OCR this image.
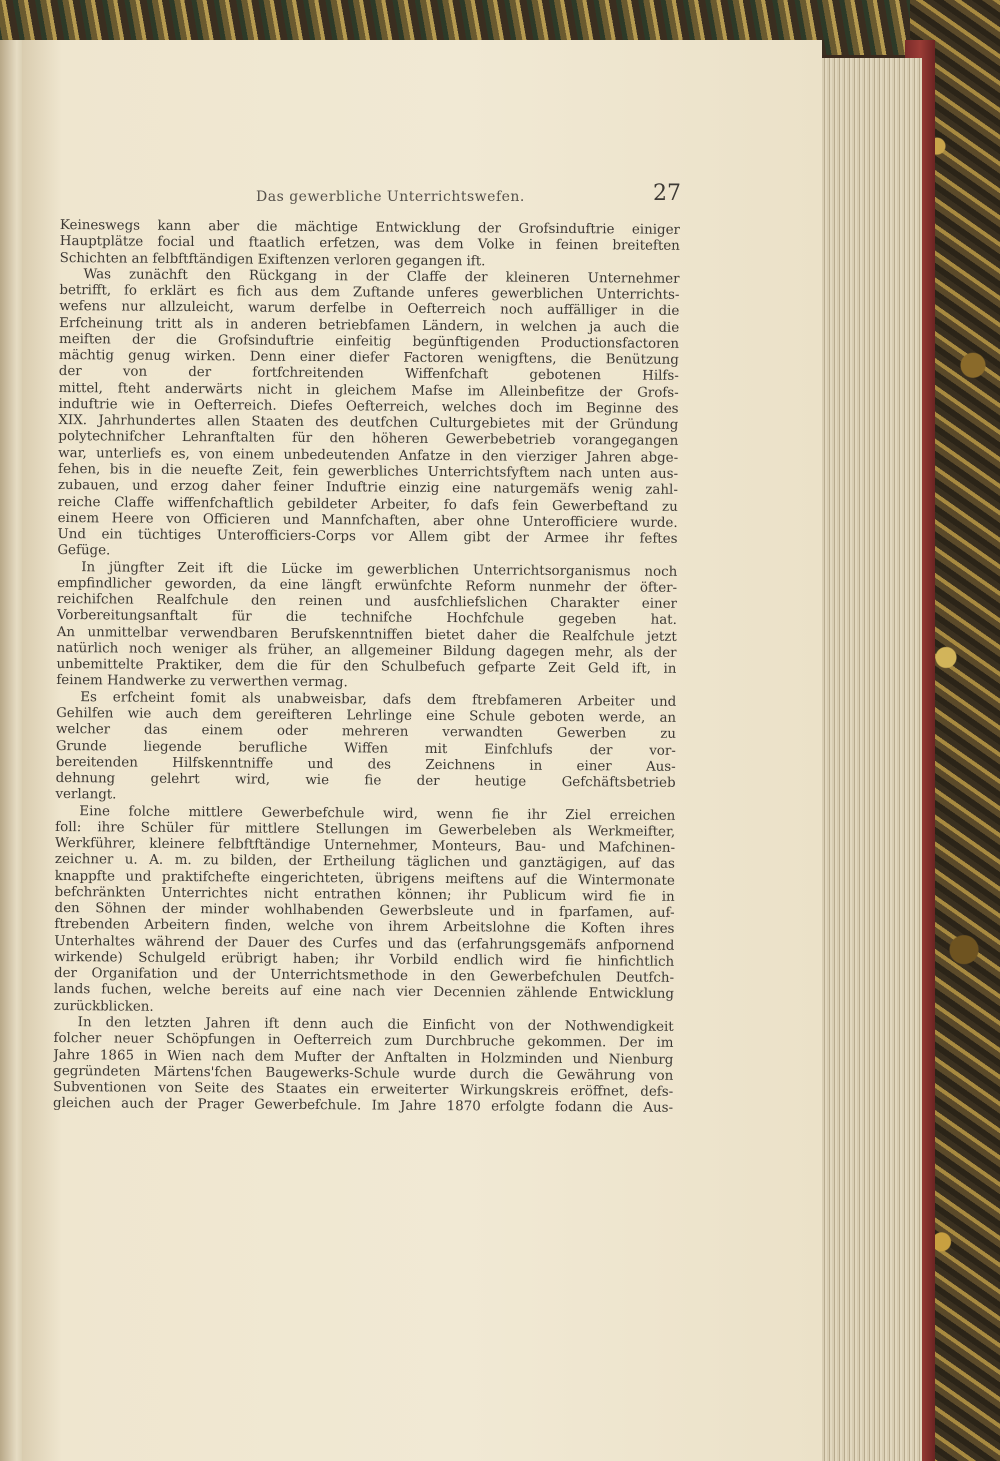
Das gewerbliche Unterrichtswefen.	27
Keineswegs kann aber die mächtige Entwicklung der Grofsinduftrie einiger
Hauptplätze focial und ftaatlich erfetzen, was dem Volke in feinen breiteften
Schichten an felbftftändigen Exiftenzen verloren gegangen ift.
Was zunächft den Rückgang in der Claffe der kleineren Unternehmer
betrifft, fo erklärt es fich aus dem Zuftande unferes gewerblichen Unterrichts-
wefens nur allzuleicht, warum derfelbe in Oefterreich noch auffälliger in die
Erfcheinung tritt als in anderen betriebfamen Ländern, in welchen ja auch die
meiften der die Grofsinduftrie einfeitig begünftigenden Productionsfactoren
mächtig genug wirken. Denn einer diefer Factoren wenigftens, die Benützung
der von der fortfchreitenden Wiffenfchaft gebotenen Hilfs-
mittel, fteht anderwärts nicht in gleichem Mafse im Alleinbefitze der Grofs-
induftrie wie in Oefterreich. Diefes Oefterreich, welches doch im Beginne des
XIX. Jahrhundertes allen Staaten des deutfchen Culturgebietes mit der Gründung
polytechnifcher Lehranftalten für den höheren Gewerbebetrieb vorangegangen
war, unterliefs es, von einem unbedeutenden Anfatze in den vierziger Jahren abge-
fehen, bis in die neuefte Zeit, fein gewerbliches Unterrichtsfyftem nach unten aus-
zubauen, und erzog daher feiner Induftrie einzig eine naturgemäfs wenig zahl-
reiche Claffe wiffenfchaftlich gebildeter Arbeiter, fo dafs fein Gewerbeftand zu
einem Heere von Officieren und Mannfchaften, aber ohne Unterofficiere wurde.
Und ein tüchtiges Unterofficiers-Corps vor Allem gibt der Armee ihr feftes
Gefüge.
In jüngfter Zeit ift die Lücke im gewerblichen Unterrichtsorganismus noch
empfindlicher geworden, da eine längft erwünfchte Reform nunmehr der öfter-
reichifchen Realfchule den reinen und ausfchliefslichen Charakter einer
Vorbereitungsanftalt für die technifche Hochfchule gegeben hat.
An unmittelbar verwendbaren Berufskenntniffen bietet daher die Realfchule jetzt
natürlich noch weniger als früher, an allgemeiner Bildung dagegen mehr, als der
unbemittelte Praktiker, dem die für den Schulbefuch gefparte Zeit Geld ift, in
feinem Handwerke zu verwerthen vermag.
Es erfcheint fomit als unabweisbar, dafs dem ftrebfameren Arbeiter und
Gehilfen wie auch dem gereifteren Lehrlinge eine Schule geboten werde, an
welcher das einem oder mehreren verwandten Gewerben zu
Grunde liegende berufliche Wiffen mit Einfchlufs der vor-
bereitenden Hilfskenntniffe und des Zeichnens in einer Aus-
dehnung gelehrt wird, wie fie der heutige Gefchäftsbetrieb
verlangt.
Eine folche mittlere Gewerbefchule wird, wenn fie ihr Ziel erreichen
foll: ihre Schüler für mittlere Stellungen im Gewerbeleben als Werkmeifter,
Werkführer, kleinere felbftftändige Unternehmer, Monteurs, Bau- und Mafchinen-
zeichner u. A. m. zu bilden, der Ertheilung täglichen und ganztägigen, auf das
knappfte und praktifchefte eingerichteten, übrigens meiftens auf die Wintermonate
befchränkten Unterrichtes nicht entrathen können; ihr Publicum wird fie in
den Söhnen der minder wohlhabenden Gewerbsleute und in fparfamen, auf-
ftrebenden Arbeitern finden, welche von ihrem Arbeitslohne die Koften ihres
Unterhaltes während der Dauer des Curfes und das (erfahrungsgemäfs anfpornend
wirkende) Schulgeld erübrigt haben; ihr Vorbild endlich wird fie hinfichtlich
der Organifation und der Unterrichtsmethode in den Gewerbefchulen Deutfch-
lands fuchen, welche bereits auf eine nach vier Decennien zählende Entwicklung
zurückblicken.
In den letzten Jahren ift denn auch die Einficht von der Nothwendigkeit
folcher neuer Schöpfungen in Oefterreich zum Durchbruche gekommen. Der im
Jahre 1865 in Wien nach dem Mufter der Anftalten in Holzminden und Nienburg
gegründeten Märtens'fchen Baugewerks-Schule wurde durch die Gewährung von
Subventionen von Seite des Staates ein erweiterter Wirkungskreis eröffnet, defs-
gleichen auch der Prager Gewerbefchule. Im Jahre 1870 erfolgte fodann die Aus-
